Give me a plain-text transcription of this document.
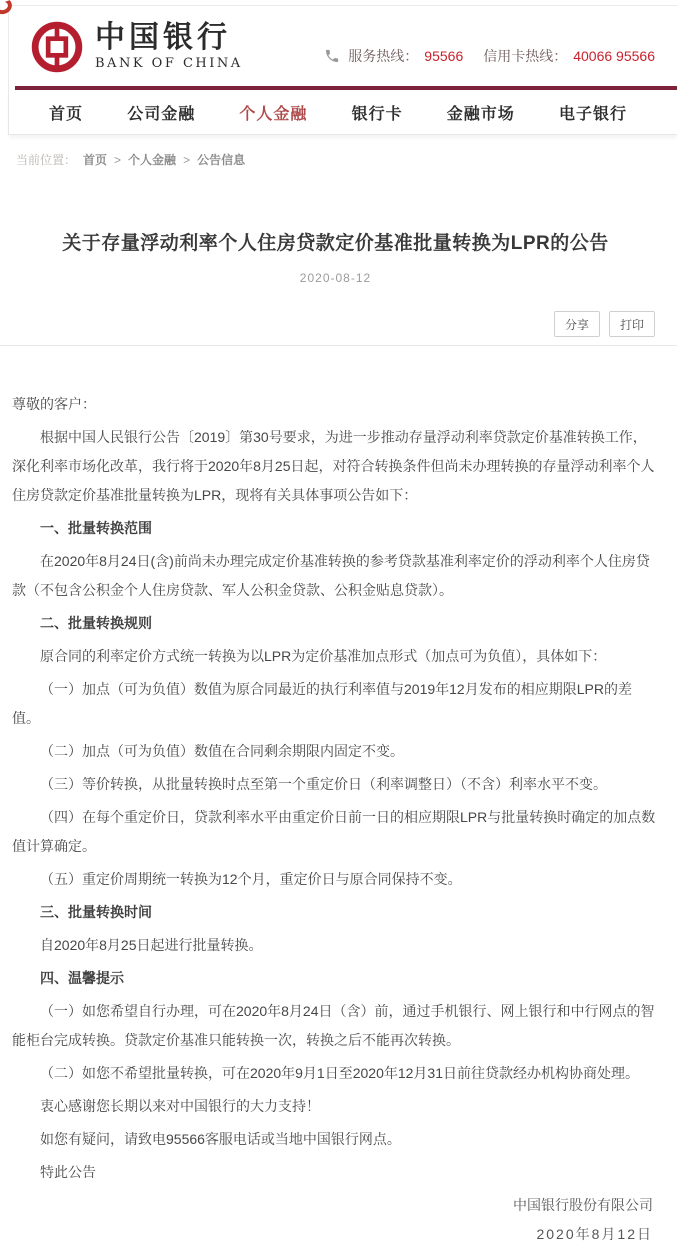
中国银行
BANK OF CHINA	服务热线： 95566 信用卡热线： 40066 95566
首页	公司金融	个人金融	银行卡	金融市场	电子银行
当前位置： 首页 > 个人金融 > 公告信息
关于存量浮动利率个人住房贷款定价基准批量转换为LPR的公告
2020-08-12
分享	打印

尊敬的客户：

根据中国人民银行公告〔2019〕第30号要求，为进一步推动存量浮动利率贷款定价基准转换工作，深化利率市场化改革，我行将于2020年8月25日起，对符合转换条件但尚未办理转换的存量浮动利率个人住房贷款定价基准批量转换为LPR，现将有关具体事项公告如下：

一、批量转换范围

在2020年8月24日(含)前尚未办理完成定价基准转换的参考贷款基准利率定价的浮动利率个人住房贷款（不包含公积金个人住房贷款、军人公积金贷款、公积金贴息贷款）。

二、批量转换规则

原合同的利率定价方式统一转换为以LPR为定价基准加点形式（加点可为负值），具体如下：

（一）加点（可为负值）数值为原合同最近的执行利率值与2019年12月发布的相应期限LPR的差值。

（二）加点（可为负值）数值在合同剩余期限内固定不变。

（三）等价转换，从批量转换时点至第一个重定价日（利率调整日）（不含）利率水平不变。

（四）在每个重定价日，贷款利率水平由重定价日前一日的相应期限LPR与批量转换时确定的加点数值计算确定。

（五）重定价周期统一转换为12个月，重定价日与原合同保持不变。

三、批量转换时间

自2020年8月25日起进行批量转换。

四、温馨提示

（一）如您希望自行办理，可在2020年8月24日（含）前，通过手机银行、网上银行和中行网点的智能柜台完成转换。贷款定价基准只能转换一次，转换之后不能再次转换。

（二）如您不希望批量转换，可在2020年9月1日至2020年12月31日前往贷款经办机构协商处理。

衷心感谢您长期以来对中国银行的大力支持！

如您有疑问，请致电95566客服电话或当地中国银行网点。

特此公告

中国银行股份有限公司
2020年8月12日
